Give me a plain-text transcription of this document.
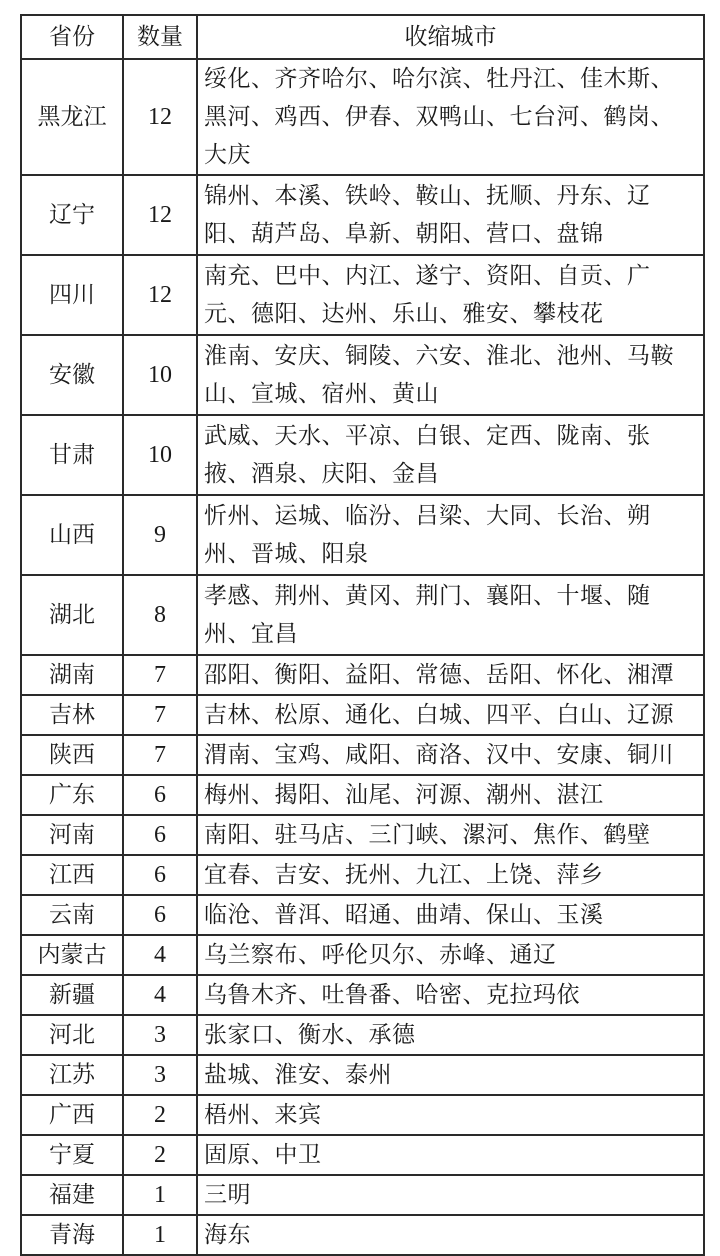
省份	数量	收缩城市
黑龙江	12	绥化、齐齐哈尔、哈尔滨、牡丹江、佳木斯、黑河、鸡西、伊春、双鸭山、七台河、鹤岗、大庆
辽宁	12	锦州、本溪、铁岭、鞍山、抚顺、丹东、辽阳、葫芦岛、阜新、朝阳、营口、盘锦
四川	12	南充、巴中、内江、遂宁、资阳、自贡、广元、德阳、达州、乐山、雅安、攀枝花
安徽	10	淮南、安庆、铜陵、六安、淮北、池州、马鞍山、宣城、宿州、黄山
甘肃	10	武威、天水、平凉、白银、定西、陇南、张掖、酒泉、庆阳、金昌
山西	9	忻州、运城、临汾、吕梁、大同、长治、朔州、晋城、阳泉
湖北	8	孝感、荆州、黄冈、荆门、襄阳、十堰、随州、宜昌
湖南	7	邵阳、衡阳、益阳、常德、岳阳、怀化、湘潭
吉林	7	吉林、松原、通化、白城、四平、白山、辽源
陕西	7	渭南、宝鸡、咸阳、商洛、汉中、安康、铜川
广东	6	梅州、揭阳、汕尾、河源、潮州、湛江
河南	6	南阳、驻马店、三门峡、漯河、焦作、鹤壁
江西	6	宜春、吉安、抚州、九江、上饶、萍乡
云南	6	临沧、普洱、昭通、曲靖、保山、玉溪
内蒙古	4	乌兰察布、呼伦贝尔、赤峰、通辽
新疆	4	乌鲁木齐、吐鲁番、哈密、克拉玛依
河北	3	张家口、衡水、承德
江苏	3	盐城、淮安、泰州
广西	2	梧州、来宾
宁夏	2	固原、中卫
福建	1	三明
青海	1	海东
